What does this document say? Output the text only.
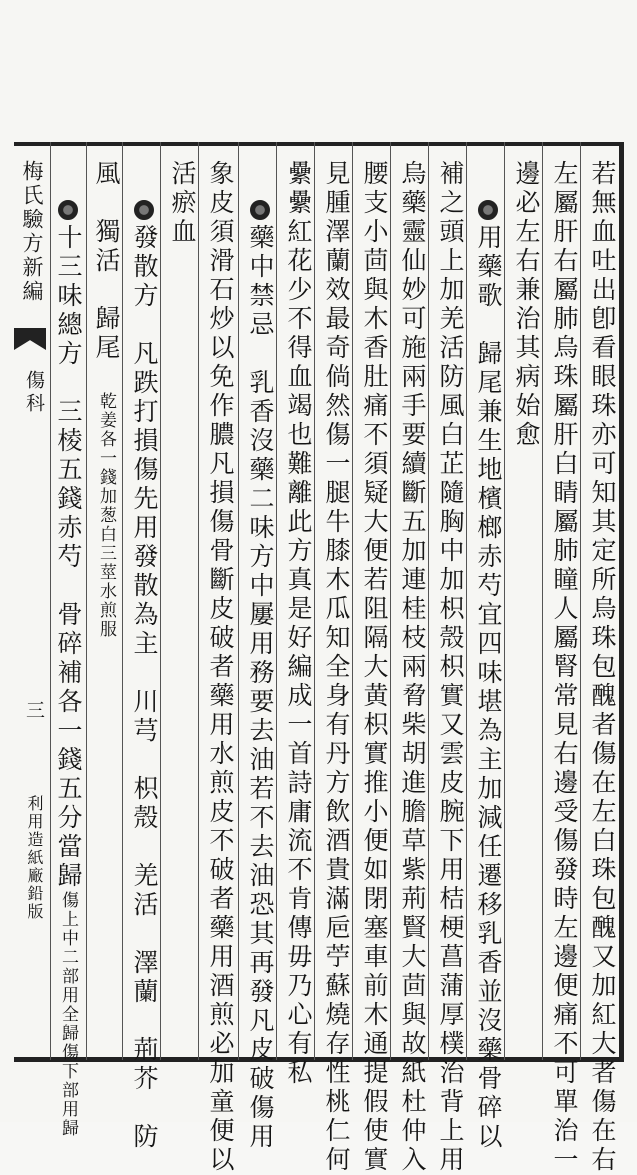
梅氏驗方新編
傷科
三
利用造紙廠鉛版	若無血吐出卽看眼珠亦可知其定所烏珠包醜者傷在左白珠包醜又加紅大者傷在右
左屬肝右屬肺烏珠屬肝白睛屬肺瞳人屬腎常見右邊受傷發時左邊便痛不可單治一
邊必左右兼治其病始愈
用藥歌　歸尾兼生地檳榔赤芍宜四味堪為主加減任遷移乳香並沒藥骨碎以
補之頭上加羌活防風白芷隨胸中加枳殼枳實又雲皮腕下用桔梗菖蒲厚樸治背上用
烏藥靈仙妙可施兩手要續斷五加連桂枝兩脅柴胡進膽草紫荊賢大茴與故紙杜仲入
腰支小茴與木香肚痛不須疑大便若阻隔大黄枳實推小便如閉塞車前木通提假使實
見腫澤蘭效最奇倘然傷一腿牛膝木瓜知全身有丹方飲酒貴滿巵苧蘇燒存性桃仁何
纍纍紅花少不得血竭也難離此方真是好編成一首詩庸流不肯傳毋乃心有私
藥中禁忌　乳香沒藥二味方中屢用務要去油若不去油恐其再發凡皮破傷用
象皮須滑石炒以免作膿凡損傷骨斷皮破者藥用水煎皮不破者藥用酒煎必加童便以
活瘀血
發散方　凡跌打損傷先用發散為主　川芎　枳殼　羌活　澤蘭　荊芥　防
風　獨活　歸尾　乾姜各一錢加葱白三莖水煎服
十三味總方　三棱五錢赤芍　骨碎補各一錢五分當歸傷上中二部用全歸傷下部用歸
